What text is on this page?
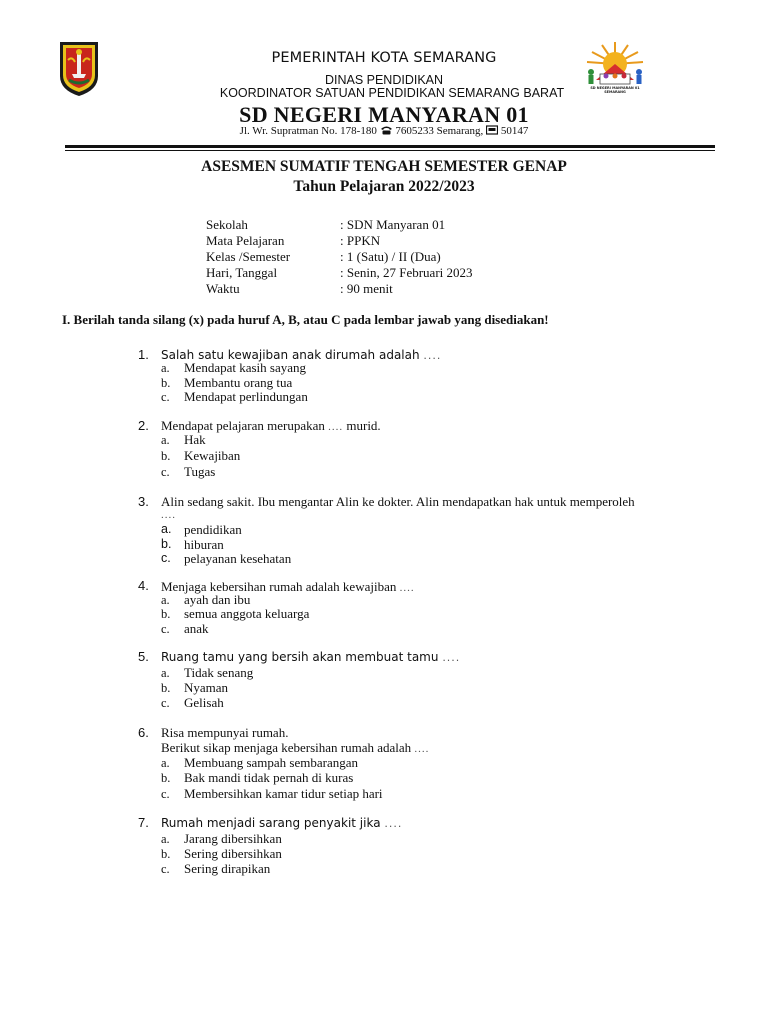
PEMERINTAH KOTA SEMARANG
DINAS PENDIDIKAN
KOORDINATOR SATUAN PENDIDIKAN SEMARANG BARAT
SD NEGERI MANYARAN 01
Jl. Wr. Supratman No. 178-180 7605233 Semarang, 50147
SD NEGERI MANYARAN 01 SEMARANG
ASESMEN SUMATIF TENGAH SEMESTER GENAP
Tahun Pelajaran 2022/2023
Sekolah	: SDN Manyaran 01
Mata Pelajaran	: PPKN
Kelas /Semester	: 1 (Satu) / II (Dua)
Hari, Tanggal	: Senin, 27 Februari 2023
Waktu	: 90 menit
I. Berilah tanda silang (x) pada huruf A, B, atau C pada lembar jawab yang disediakan!
1. Salah satu kewajiban anak dirumah adalah ....
a. Mendapat kasih sayang
b. Membantu orang tua
c. Mendapat perlindungan
2. Mendapat pelajaran merupakan .... murid.
a. Hak
b. Kewajiban
c. Tugas
3. Alin sedang sakit. Ibu mengantar Alin ke dokter. Alin mendapatkan hak untuk memperoleh
....
a. pendidikan
b. hiburan
c. pelayanan kesehatan
4. Menjaga kebersihan rumah adalah kewajiban ....
a. ayah dan ibu
b. semua anggota keluarga
c. anak
5. Ruang tamu yang bersih akan membuat tamu ....
a. Tidak senang
b. Nyaman
c. Gelisah
6. Risa mempunyai rumah.
Berikut sikap menjaga kebersihan rumah adalah ....
a. Membuang sampah sembarangan
b. Bak mandi tidak pernah di kuras
c. Membersihkan kamar tidur setiap hari
7. Rumah menjadi sarang penyakit jika ....
a. Jarang dibersihkan
b. Sering dibersihkan
c. Sering dirapikan
